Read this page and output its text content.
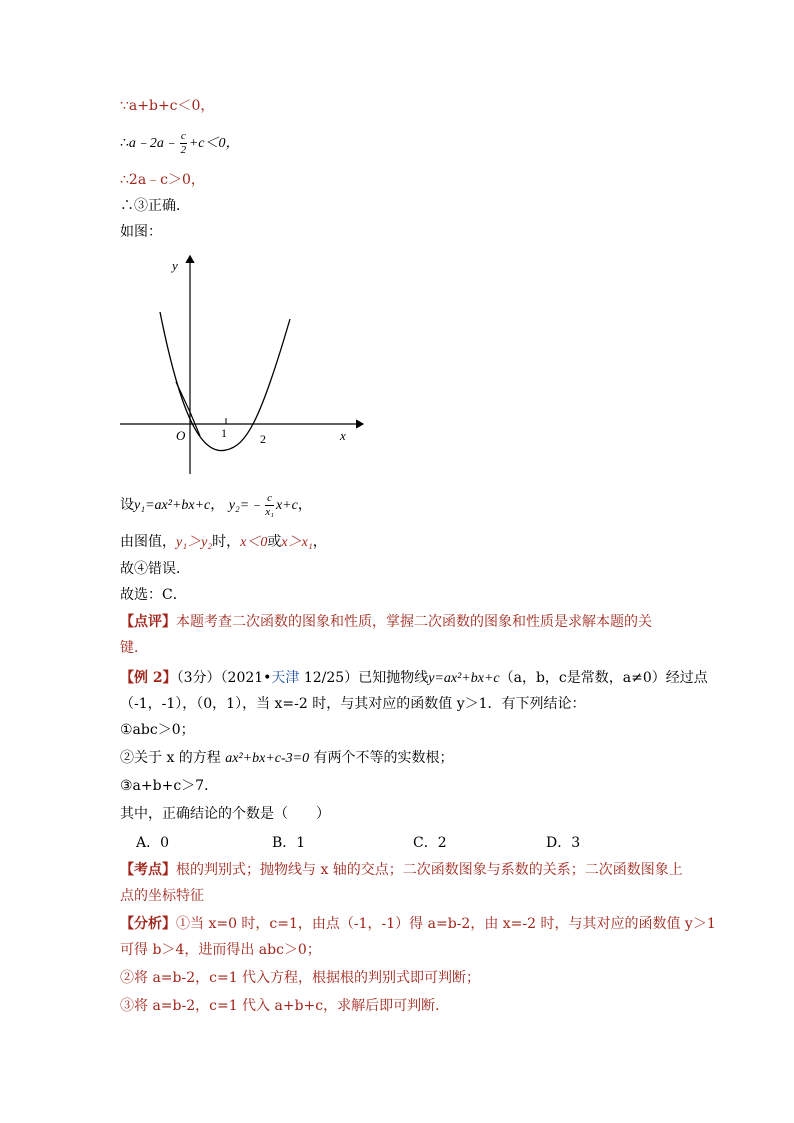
∵a+b+c＜0，
∴a﹣2a﹣ $\frac{c}{2} +c<0$，
∴2a﹣c＞0，
∴③正确．
如图：
y
x
O	1	2
设y₁=ax²+bx+c， y₂=﹣ $\frac{c}{\text{x₁}} x+c$，
由图值，y₁＞y₂时，x＜0或x＞x₁，
故④错误．
故选：C．
【点评】本题考查二次函数的图象和性质，掌握二次函数的图象和性质是求解本题的关
键．
【例 2】（3分）（2021•天津 12/25）已知抛物线y=ax²+bx+c（a，b，c是常数，a≠0）经过点
（-1，-1），（0，1），当 x=-2 时，与其对应的函数值 y＞1．有下列结论：
①abc＞0；
②关于 x 的方程 ax²+bx+c-3=0 有两个不等的实数根；
③a+b+c＞7．
其中，正确结论的个数是（　　）
A．0	B．1	C．2	D．3
【考点】根的判别式；抛物线与 x 轴的交点；二次函数图象与系数的关系；二次函数图象上
点的坐标特征
【分析】①当 x=0 时，c=1，由点（-1，-1）得 a=b-2，由 x=-2 时，与其对应的函数值 y＞1
可得 b＞4，进而得出 abc＞0；
②将 a=b-2，c=1 代入方程，根据根的判别式即可判断；
③将 a=b-2，c=1 代入 a+b+c，求解后即可判断．
